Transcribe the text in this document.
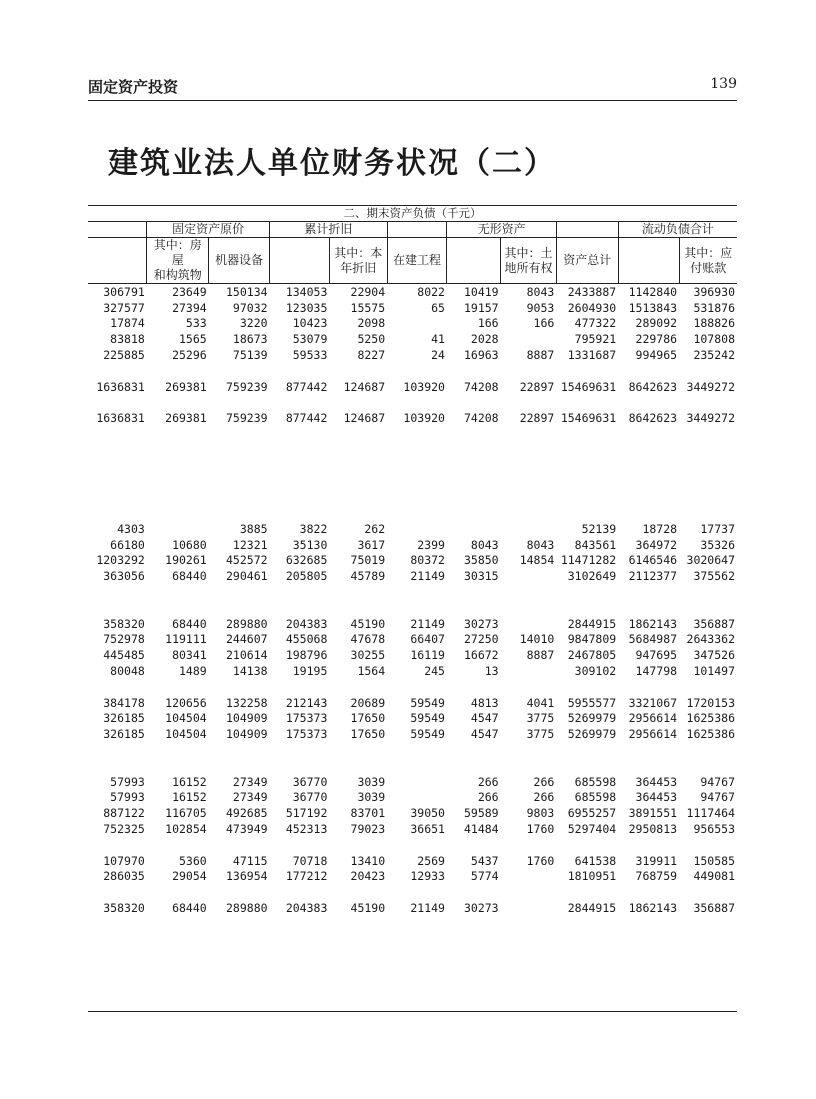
固定资产投资	139
建筑业法人单位财务状况（二）
二、期末资产负债（千元）										
	固定资产原价		累计折旧			无形资产			流动负债合计	
	其中：房屋
和构筑物	机器设备		其中：本
年折旧	在建工程		其中：土
地所有权	资产总计		其中：应
付账款
306791	23649	150134	134053	22904	8022	10419	8043	2433887	1142840	396930
327577	27394	97032	123035	15575	65	19157	9053	2604930	1513843	531876
17874	533	3220	10423	2098		166	166	477322	289092	188826
83818	1565	18673	53079	5250	41	2028		795921	229786	107808
225885	25296	75139	59533	8227	24	16963	8887	1331687	994965	235242

1636831	269381	759239	877442	124687	103920	74208	22897	15469631	8642623	3449272

1636831	269381	759239	877442	124687	103920	74208	22897	15469631	8642623	3449272

4303		3885	3822	262				52139	18728	17737
66180	10680	12321	35130	3617	2399	8043	8043	843561	364972	35326
1203292	190261	452572	632685	75019	80372	35850	14854	11471282	6146546	3020647
363056	68440	290461	205805	45789	21149	30315		3102649	2112377	375562

358320	68440	289880	204383	45190	21149	30273		2844915	1862143	356887
752978	119111	244607	455068	47678	66407	27250	14010	9847809	5684987	2643362
445485	80341	210614	198796	30255	16119	16672	8887	2467805	947695	347526
80048	1489	14138	19195	1564	245	13		309102	147798	101497

384178	120656	132258	212143	20689	59549	4813	4041	5955577	3321067	1720153
326185	104504	104909	175373	17650	59549	4547	3775	5269979	2956614	1625386
326185	104504	104909	175373	17650	59549	4547	3775	5269979	2956614	1625386

57993	16152	27349	36770	3039		266	266	685598	364453	94767
57993	16152	27349	36770	3039		266	266	685598	364453	94767
887122	116705	492685	517192	83701	39050	59589	9803	6955257	3891551	1117464
752325	102854	473949	452313	79023	36651	41484	1760	5297404	2950813	956553

107970	5360	47115	70718	13410	2569	5437	1760	641538	319911	150585
286035	29054	136954	177212	20423	12933	5774		1810951	768759	449081

358320	68440	289880	204383	45190	21149	30273		2844915	1862143	356887
